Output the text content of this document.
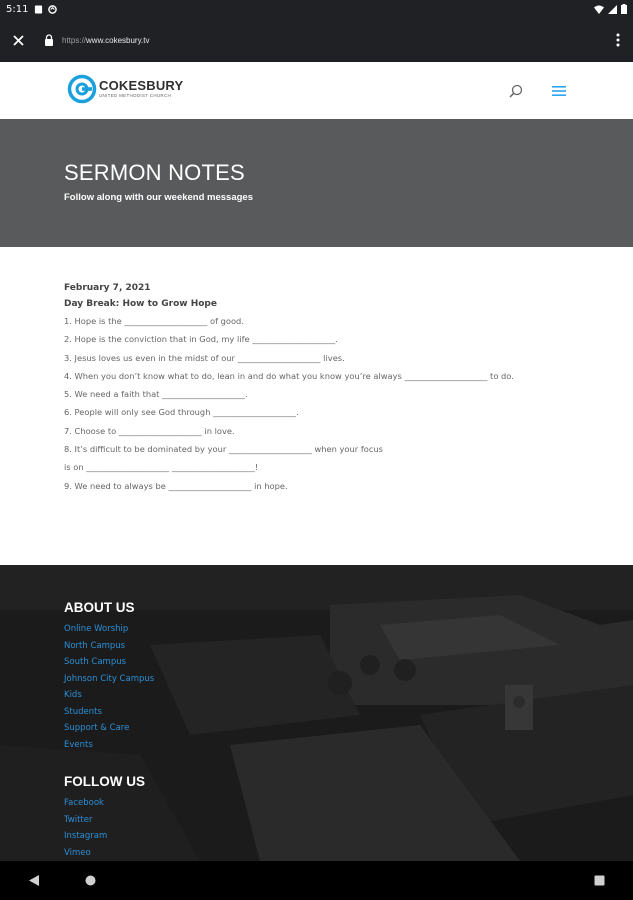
5:11
https://www.cokesbury.tv
COKESBURY
UNITED METHODIST CHURCH
SERMON NOTES
Follow along with our weekend messages
February 7, 2021
Day Break: How to Grow Hope
1. Hope is the ____________________ of good.
2. Hope is the conviction that in God, my life ____________________.
3. Jesus loves us even in the midst of our ____________________ lives.
4. When you don’t know what to do, lean in and do what you know you’re always ____________________ to do.
5. We need a faith that ____________________.
6. People will only see God through ____________________.
7. Choose to ____________________ in love.
8. It’s difficult to be dominated by your ____________________ when your focus
is on ____________________ ____________________!
9. We need to always be ____________________ in hope.
ABOUT US
Online Worship
North Campus
South Campus
Johnson City Campus
Kids
Students
Support & Care
Events
FOLLOW US
Facebook
Twitter
Instagram
Vimeo
